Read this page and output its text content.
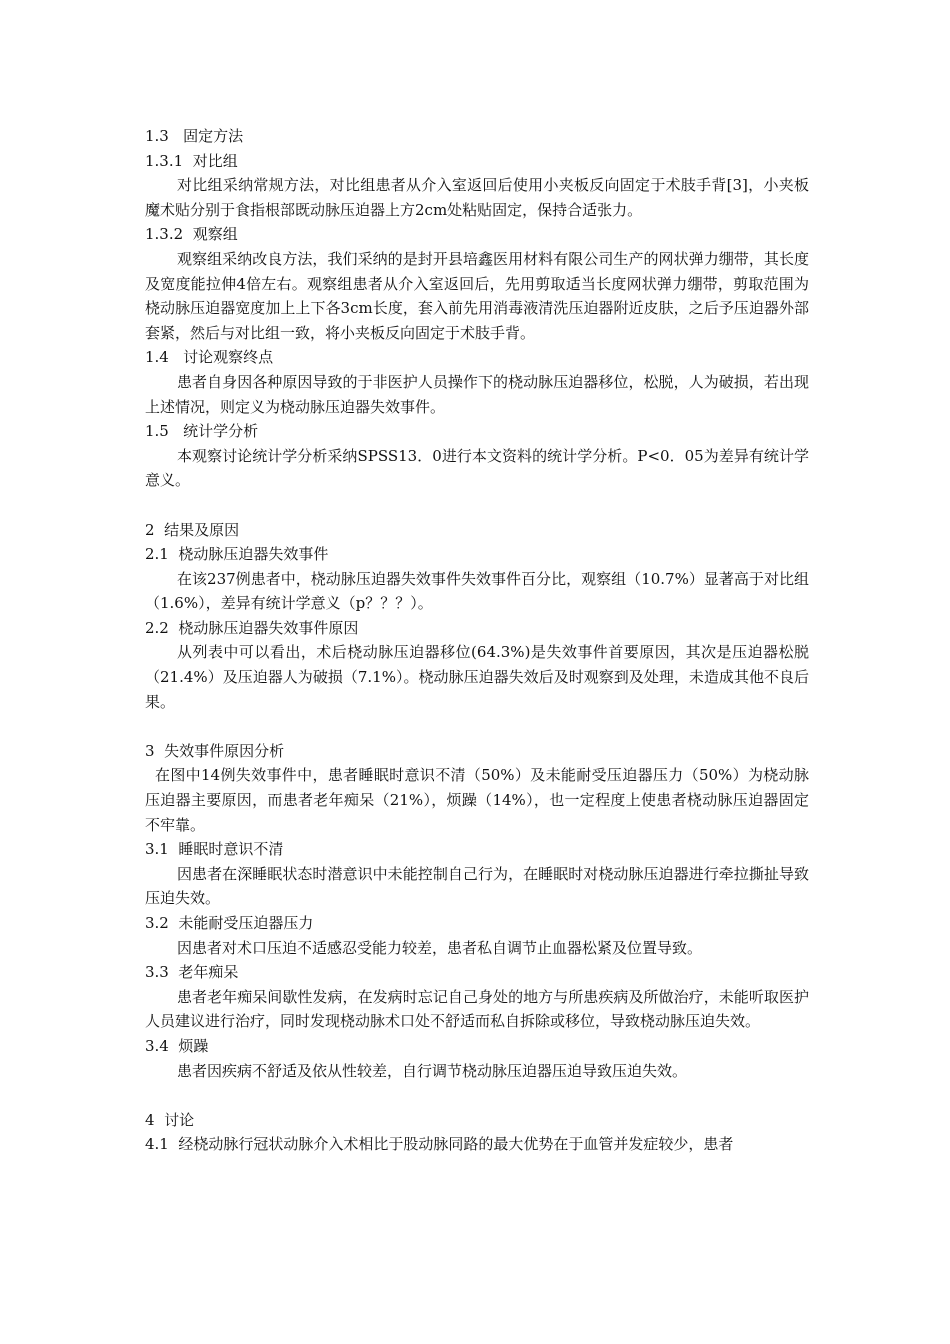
1.3   固定方法

1.3.1  对比组

对比组采纳常规方法，对比组患者从介入室返回后使用小夹板反向固定于术肢手背[3]，小夹板魔术贴分别于食指根部既动脉压迫器上方2cm处粘贴固定，保持合适张力。

1.3.2  观察组

观察组采纳改良方法，我们采纳的是封开县培鑫医用材料有限公司生产的网状弹力绷带，其长度及宽度能拉伸4倍左右。观察组患者从介入室返回后，先用剪取适当长度网状弹力绷带，剪取范围为桡动脉压迫器宽度加上上下各3cm长度，套入前先用消毒液清洗压迫器附近皮肤，之后予压迫器外部套紧，然后与对比组一致，将小夹板反向固定于术肢手背。

1.4   讨论观察终点

患者自身因各种原因导致的于非医护人员操作下的桡动脉压迫器移位，松脱，人为破损，若出现上述情况，则定义为桡动脉压迫器失效事件。

1.5   统计学分析

本观察讨论统计学分析采纳SPSS13．0进行本文资料的统计学分析。P<0．05为差异有统计学意义。

2  结果及原因

2.1  桡动脉压迫器失效事件

在该237例患者中，桡动脉压迫器失效事件失效事件百分比，观察组（10.7%）显著高于对比组（1.6%），差异有统计学意义（p？？？）。

2.2  桡动脉压迫器失效事件原因

从列表中可以看出，术后桡动脉压迫器移位(64.3%)是失效事件首要原因，其次是压迫器松脱（21.4%）及压迫器人为破损（7.1%）。桡动脉压迫器失效后及时观察到及处理，未造成其他不良后果。

3  失效事件原因分析

在图中14例失效事件中，患者睡眠时意识不清（50%）及未能耐受压迫器压力（50%）为桡动脉压迫器主要原因，而患者老年痴呆（21%），烦躁（14%），也一定程度上使患者桡动脉压迫器固定不牢靠。

3.1  睡眠时意识不清

因患者在深睡眠状态时潜意识中未能控制自己行为，在睡眠时对桡动脉压迫器进行牵拉撕扯导致压迫失效。

3.2  未能耐受压迫器压力

因患者对术口压迫不适感忍受能力较差，患者私自调节止血器松紧及位置导致。

3.3  老年痴呆

患者老年痴呆间歇性发病，在发病时忘记自己身处的地方与所患疾病及所做治疗，未能听取医护人员建议进行治疗，同时发现桡动脉术口处不舒适而私自拆除或移位，导致桡动脉压迫失效。

3.4  烦躁

患者因疾病不舒适及依从性较差，自行调节桡动脉压迫器压迫导致压迫失效。

4  讨论

4.1  经桡动脉行冠状动脉介入术相比于股动脉同路的最大优势在于血管并发症较少，患者
